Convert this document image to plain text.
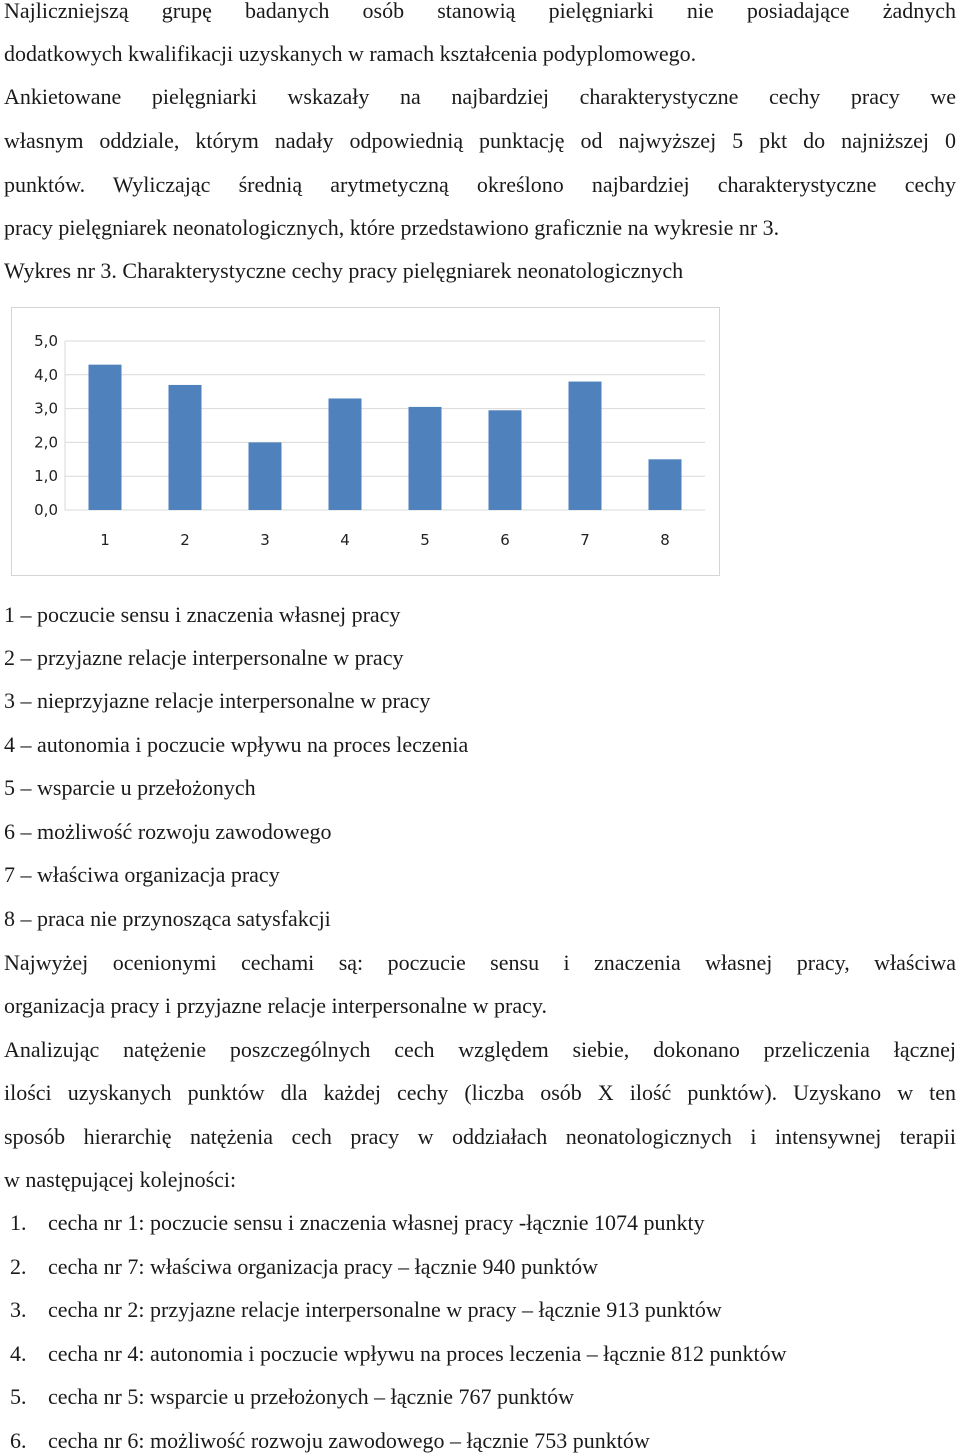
Najliczniejszą grupę badanych osób stanowią pielęgniarki nie posiadające żadnych
dodatkowych kwalifikacji uzyskanych w ramach kształcenia podyplomowego.
Ankietowane pielęgniarki wskazały na najbardziej charakterystyczne cechy pracy we
własnym oddziale, którym nadały odpowiednią punktację od najwyższej 5 pkt do najniższej 0
punktów. Wyliczając średnią arytmetyczną określono najbardziej charakterystyczne cechy
pracy pielęgniarek neonatologicznych, które przedstawiono graficznie na wykresie nr 3.
Wykres nr 3. Charakterystyczne cechy pracy pielęgniarek neonatologicznych
0,0
1,0
2,0
3,0
4,0
5,0
1	2	3	4	5	6	7	8
1 – poczucie sensu i znaczenia własnej pracy
2 – przyjazne relacje interpersonalne w pracy
3 – nieprzyjazne relacje interpersonalne w pracy
4 – autonomia i poczucie wpływu na proces leczenia
5 – wsparcie u przełożonych
6 – możliwość rozwoju zawodowego
7 – właściwa organizacja pracy
8 – praca nie przynosząca satysfakcji
Najwyżej ocenionymi cechami są: poczucie sensu i znaczenia własnej pracy, właściwa
organizacja pracy i przyjazne relacje interpersonalne w pracy.
Analizując natężenie poszczególnych cech względem siebie, dokonano przeliczenia łącznej
ilości uzyskanych punktów dla każdej cechy (liczba osób X ilość punktów). Uzyskano w ten
sposób hierarchię natężenia cech pracy w oddziałach neonatologicznych i intensywnej terapii
w następującej kolejności:
1. cecha nr 1: poczucie sensu i znaczenia własnej pracy -łącznie 1074 punkty
2. cecha nr 7: właściwa organizacja pracy – łącznie 940 punktów
3. cecha nr 2: przyjazne relacje interpersonalne w pracy – łącznie 913 punktów
4. cecha nr 4: autonomia i poczucie wpływu na proces leczenia – łącznie 812 punktów
5. cecha nr 5: wsparcie u przełożonych – łącznie 767 punktów
6. cecha nr 6: możliwość rozwoju zawodowego – łącznie 753 punktów
